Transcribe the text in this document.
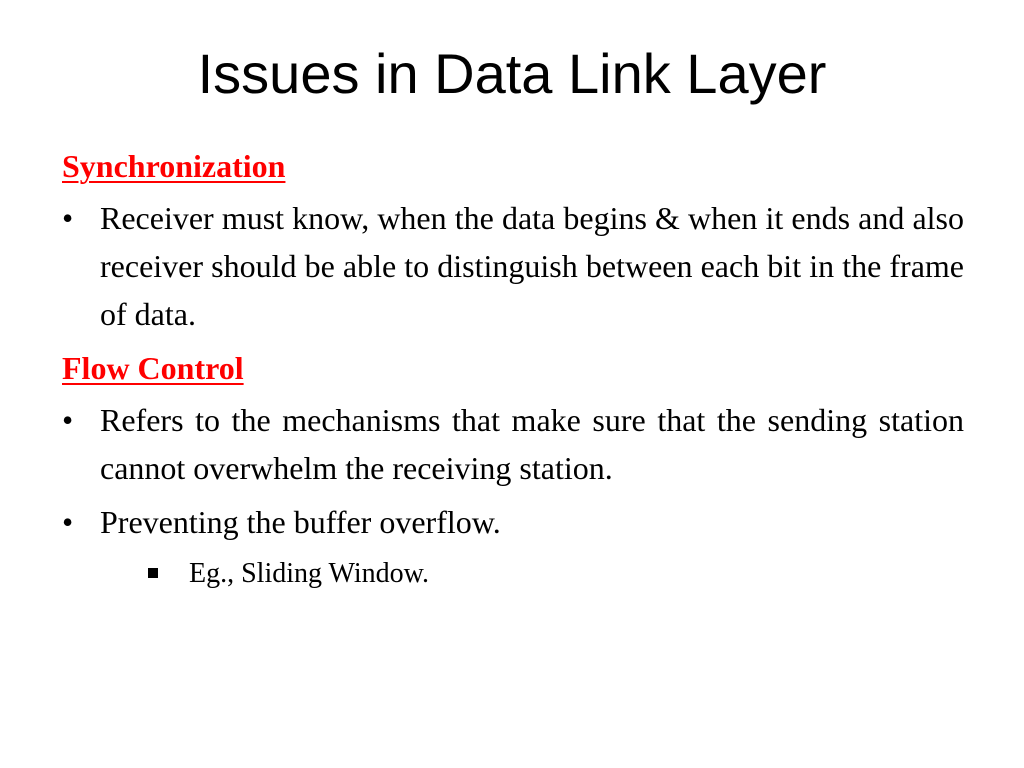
Issues in Data Link Layer
Synchronization
• Receiver must know, when the data begins & when it ends and also receiver should be able to distinguish between each bit in the frame of data.
Flow Control
• Refers to the mechanisms that make sure that the sending station cannot overwhelm the receiving station.
• Preventing the buffer overflow.
Eg., Sliding Window.
